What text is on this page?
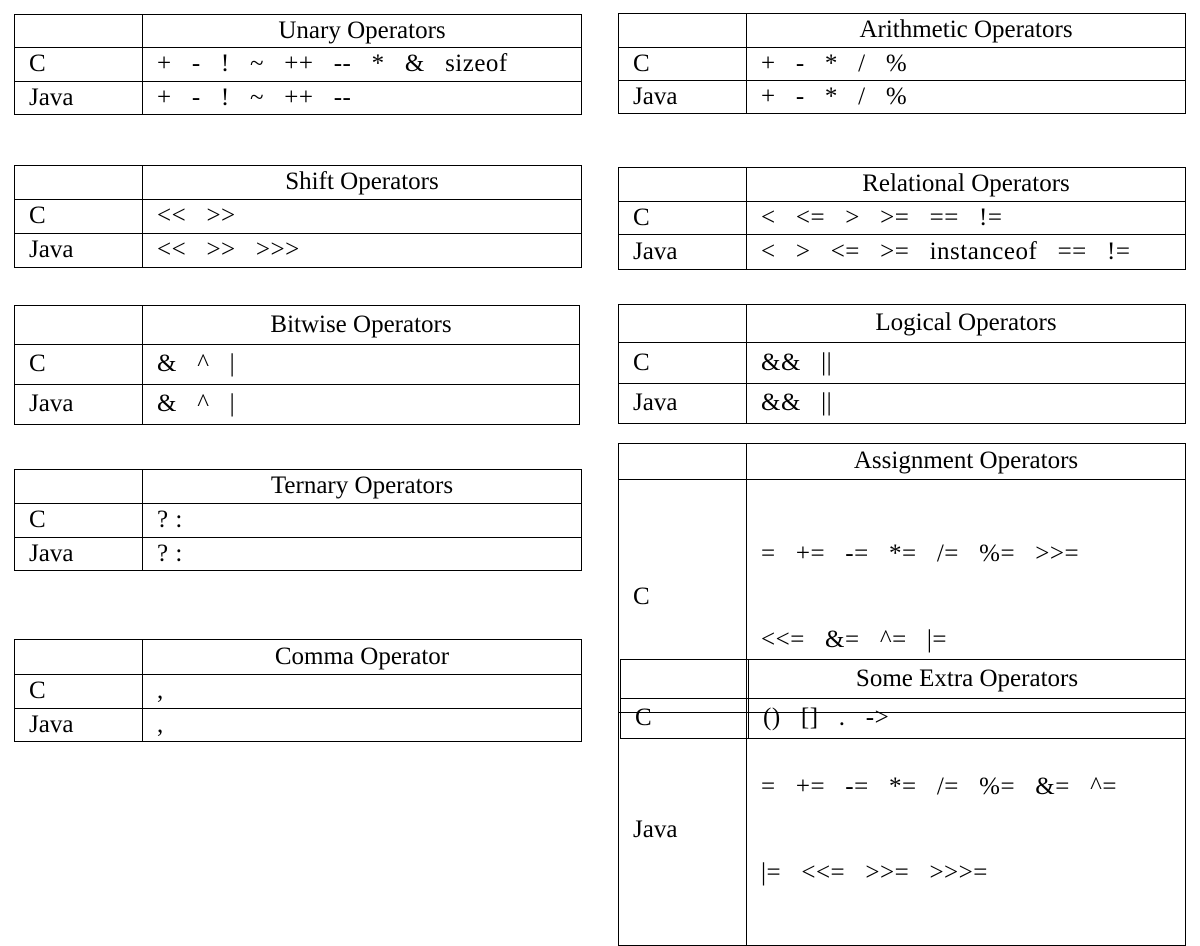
	Unary Operators
C	+   -   !   ~   ++   --   *   &   sizeof
Java	+   -   !   ~   ++   --
	Arithmetic Operators
C	+   -   *   /   %
Java	+   -   *   /   %
	Shift Operators
C	<<   >>
Java	<<   >>   >>>
	Relational Operators
C	<   <=   >   >=   ==   !=
Java	<   >   <=   >=   instanceof   ==   !=
	Bitwise Operators
C	&   ^   |
Java	&   ^   |
	Logical Operators
C	&&   ||
Java	&&   ||
	Ternary Operators
C	? :
Java	? :
	Assignment Operators
C	=   +=   -=   *=   /=   %=   >>=

<<=   &=   ^=   |=

Java	=   +=   -=   *=   /=   %=   &=   ^=

|=   <<=   >>=   >>>=

	Comma Operator
C	,
Java	,
	Some Extra Operators
C	()   []   .   ->
